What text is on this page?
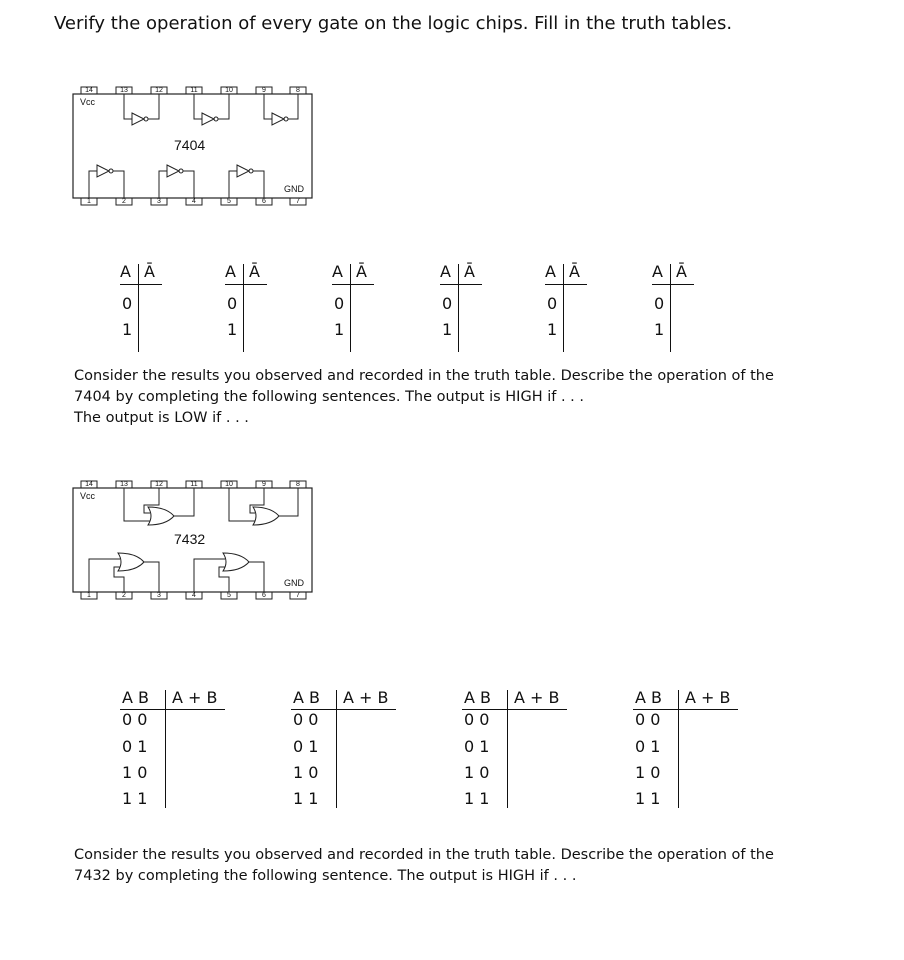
Verify the operation of every gate on the logic chips. Fill in the truth tables.
14	13	12	11	10	9	8
1	2	3	4	5	6	7
Vcc
7404
GND
A Ā
0
1
A Ā
0
1
A Ā
0
1
A Ā
0
1
A Ā
0
1
A Ā
0
1
Consider the results you observed and recorded in the truth table. Describe the operation of the
7404 by completing the following sentences. The output is HIGH if . . .
The output is LOW if . . .
14	13	12	11	10	9	8
1	2	3	4	5	6	7
Vcc
7432
GND
A B A + B
0 0
0 1
1 0
1 1
A B A + B
0 0
0 1
1 0
1 1
A B A + B
0 0
0 1
1 0
1 1
A B A + B
0 0
0 1
1 0
1 1
Consider the results you observed and recorded in the truth table. Describe the operation of the
7432 by completing the following sentence. The output is HIGH if . . .
